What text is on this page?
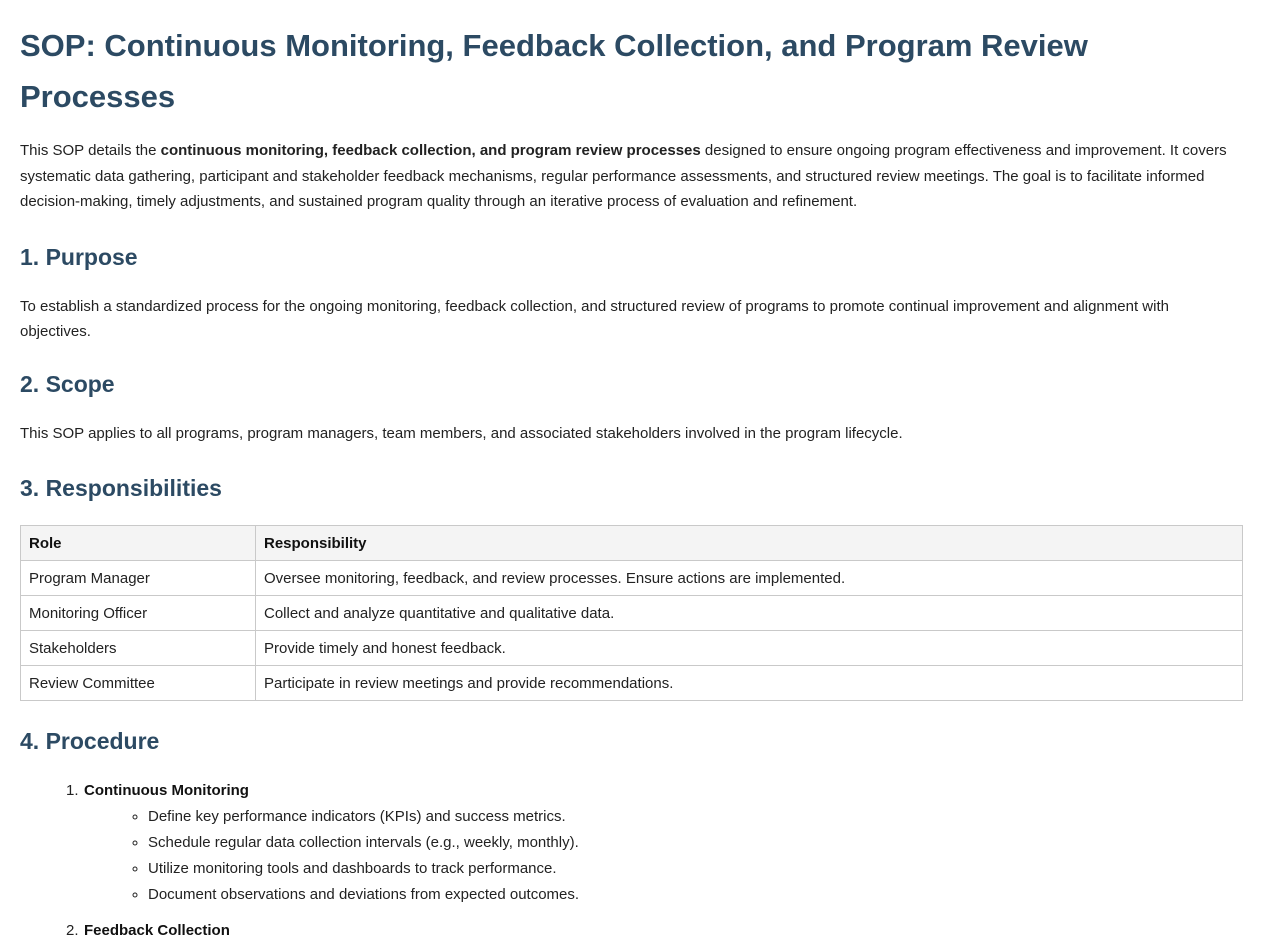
SOP: Continuous Monitoring, Feedback Collection, and Program Review Processes

This SOP details the continuous monitoring, feedback collection, and program review processes designed to ensure ongoing program effectiveness and improvement. It covers systematic data gathering, participant and stakeholder feedback mechanisms, regular performance assessments, and structured review meetings. The goal is to facilitate informed decision-making, timely adjustments, and sustained program quality through an iterative process of evaluation and refinement.

1. Purpose

To establish a standardized process for the ongoing monitoring, feedback collection, and structured review of programs to promote continual improvement and alignment with objectives.

2. Scope

This SOP applies to all programs, program managers, team members, and associated stakeholders involved in the program lifecycle.

3. Responsibilities
Role	Responsibility
Program Manager	Oversee monitoring, feedback, and review processes. Ensure actions are implemented.
Monitoring Officer	Collect and analyze quantitative and qualitative data.
Stakeholders	Provide timely and honest feedback.
Review Committee	Participate in review meetings and provide recommendations.
4. Procedure
1. Continuous Monitoring
◦ Define key performance indicators (KPIs) and success metrics.
◦ Schedule regular data collection intervals (e.g., weekly, monthly).
◦ Utilize monitoring tools and dashboards to track performance.
◦ Document observations and deviations from expected outcomes.
2. Feedback Collection
